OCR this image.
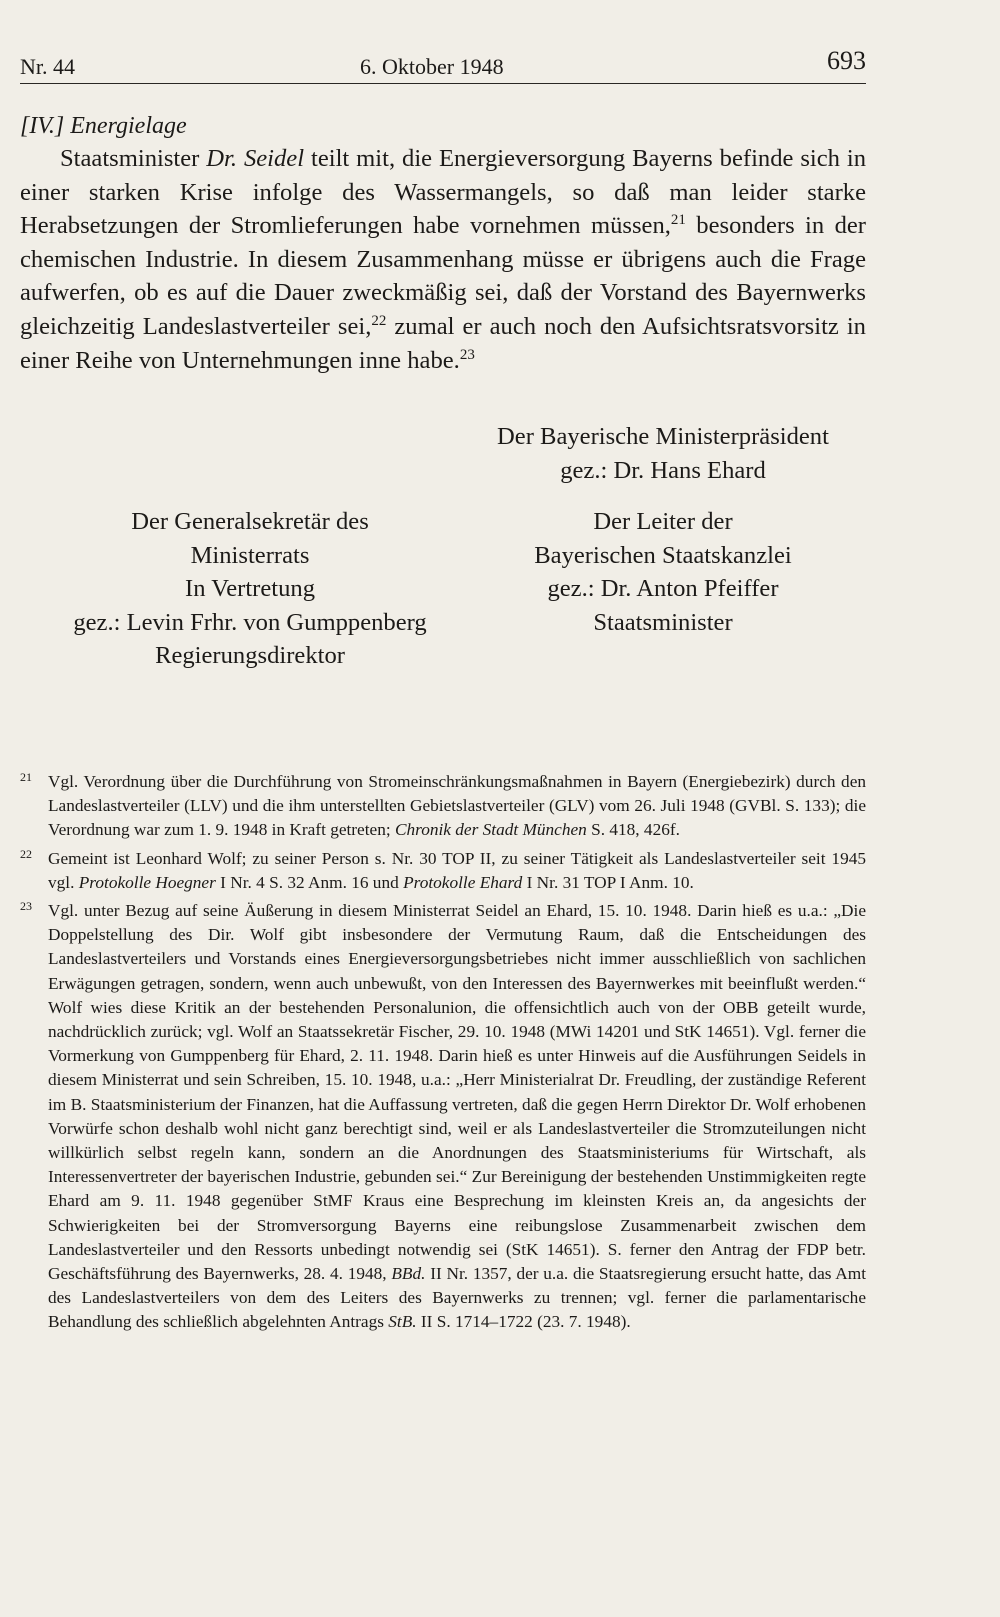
Nr. 44	6. Oktober 1948	693

[IV.] Energielage

Staatsminister Dr. Seidel teilt mit, die Energieversorgung Bayerns befinde sich in einer starken Krise infolge des Wassermangels, so daß man leider starke Herabsetzungen der Stromlieferungen habe vornehmen müssen,$^{21}$ besonders in der chemischen Industrie. In diesem Zusammenhang müsse er übrigens auch die Frage aufwerfen, ob es auf die Dauer zweckmäßig sei, daß der Vorstand des Bayernwerks gleichzeitig Landeslastverteiler sei,$^{22}$ zumal er auch noch den Aufsichtsratsvorsitz in einer Reihe von Unternehmungen inne habe.$^{23}$

Der Bayerische Ministerpräsident
gez.: Dr. Hans Ehard
Der Generalsekretär des
Ministerrats
In Vertretung
gez.: Levin Frhr. von Gumppenberg
Regierungsdirektor
Der Leiter der
Bayerischen Staatskanzlei
gez.: Dr. Anton Pfeiffer
Staatsminister

21 Vgl. Verordnung über die Durchführung von Stromeinschränkungsmaßnahmen in Bayern (Energiebezirk) durch den Landeslastverteiler (LLV) und die ihm unterstellten Gebietslastverteiler (GLV) vom 26. Juli 1948 (GVBl. S. 133); die Verordnung war zum 1. 9. 1948 in Kraft getreten; Chronik der Stadt München S. 418, 426f.

22 Gemeint ist Leonhard Wolf; zu seiner Person s. Nr. 30 TOP II, zu seiner Tätigkeit als Landeslastverteiler seit 1945 vgl. Protokolle Hoegner I Nr. 4 S. 32 Anm. 16 und Protokolle Ehard I Nr. 31 TOP I Anm. 10.

23 Vgl. unter Bezug auf seine Äußerung in diesem Ministerrat Seidel an Ehard, 15. 10. 1948. Darin hieß es u.a.: „Die Doppelstellung des Dir. Wolf gibt insbesondere der Vermutung Raum, daß die Entscheidungen des Landeslastverteilers und Vorstands eines Energieversorgungsbetriebes nicht immer ausschließlich von sachlichen Erwägungen getragen, sondern, wenn auch unbewußt, von den Interessen des Bayernwerkes mit beeinflußt werden.“ Wolf wies diese Kritik an der bestehenden Personalunion, die offensichtlich auch von der OBB geteilt wurde, nachdrücklich zurück; vgl. Wolf an Staatssekretär Fischer, 29. 10. 1948 (MWi 14201 und StK 14651). Vgl. ferner die Vormerkung von Gumppenberg für Ehard, 2. 11. 1948. Darin hieß es unter Hinweis auf die Ausführungen Seidels in diesem Ministerrat und sein Schreiben, 15. 10. 1948, u.a.: „Herr Ministerialrat Dr. Freudling, der zuständige Referent im B. Staatsministerium der Finanzen, hat die Auffassung vertreten, daß die gegen Herrn Direktor Dr. Wolf erhobenen Vorwürfe schon deshalb wohl nicht ganz berechtigt sind, weil er als Landeslastverteiler die Stromzuteilungen nicht willkürlich selbst regeln kann, sondern an die Anordnungen des Staatsministeriums für Wirtschaft, als Interessenvertreter der bayerischen Industrie, gebunden sei.“ Zur Bereinigung der bestehenden Unstimmigkeiten regte Ehard am 9. 11. 1948 gegenüber StMF Kraus eine Besprechung im kleinsten Kreis an, da angesichts der Schwierigkeiten bei der Stromversorgung Bayerns eine reibungslose Zusammenarbeit zwischen dem Landeslastverteiler und den Ressorts unbedingt notwendig sei (StK 14651). S. ferner den Antrag der FDP betr. Geschäftsführung des Bayernwerks, 28. 4. 1948, BBd. II Nr. 1357, der u.a. die Staatsregierung ersucht hatte, das Amt des Landeslastverteilers von dem des Leiters des Bayernwerks zu trennen; vgl. ferner die parlamentarische Behandlung des schließlich abgelehnten Antrags StB. II S. 1714–1722 (23. 7. 1948).
